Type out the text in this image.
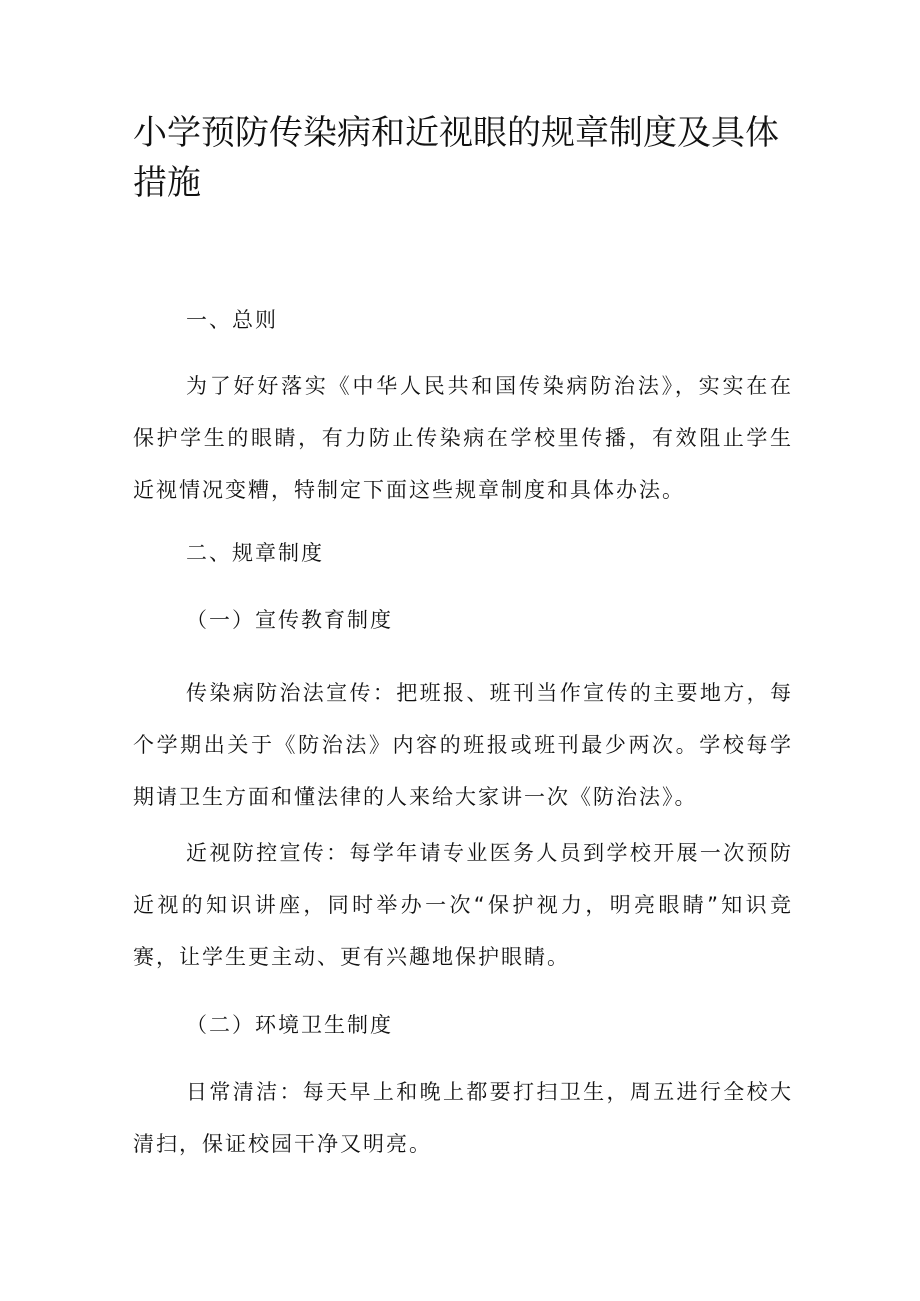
小学预防传染病和近视眼的规章制度及具体措施
一、总则

为了好好落实《中华人民共和国传染病防治法》，实实在在保护学生的眼睛，有力防止传染病在学校里传播，有效阻止学生近视情况变糟，特制定下面这些规章制度和具体办法。

二、规章制度
（一）宣传教育制度

传染病防治法宣传：把班报、班刊当作宣传的主要地方，每个学期出关于《防治法》内容的班报或班刊最少两次。学校每学期请卫生方面和懂法律的人来给大家讲一次《防治法》。

近视防控宣传：每学年请专业医务人员到学校开展一次预防近视的知识讲座，同时举办一次“保护视力，明亮眼睛”知识竞赛，让学生更主动、更有兴趣地保护眼睛。

（二）环境卫生制度

日常清洁：每天早上和晚上都要打扫卫生，周五进行全校大清扫，保证校园干净又明亮。
